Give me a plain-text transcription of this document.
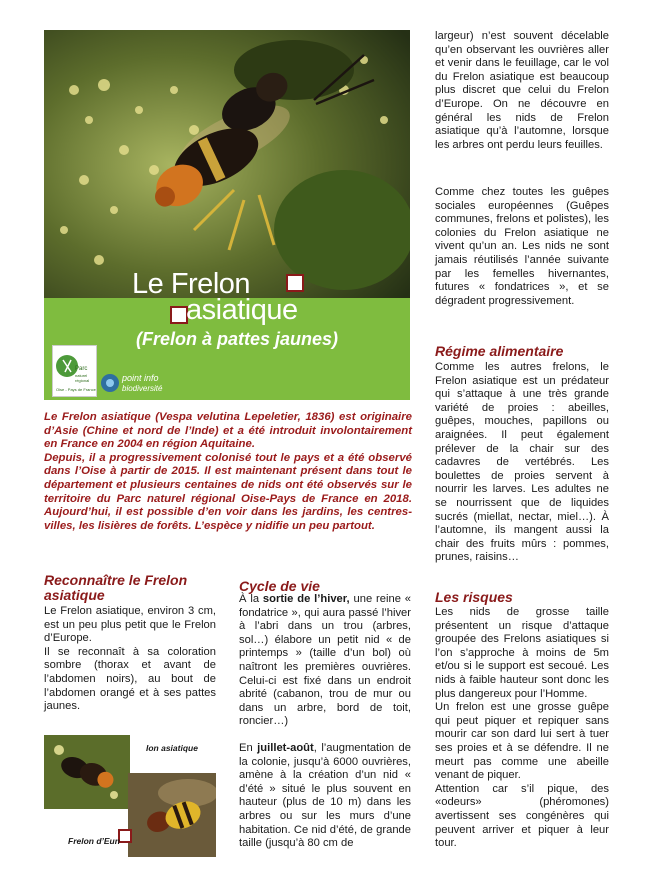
Le Frelon
asiatique
(Frelon à pattes jaunes)
Parc
naturel
régional
Oise - Pays de France
point info
biodiversité
largeur) n’est souvent décelable qu’en observant les ouvrières aller et venir dans le feuillage, car le vol du Frelon asiatique est beaucoup plus discret que celui du Frelon d’Europe. On ne découvre en général les nids de Frelon asiatique qu’à l’automne, lorsque les arbres ont perdu leurs feuilles.
Comme chez toutes les guêpes sociales européennes (Guêpes communes, frelons et polistes), les colonies du Frelon asiatique ne vivent qu’un an. Les nids ne sont jamais réutilisés l’année suivante par les femelles hivernantes, futures « fondatrices », et se dégradent progressivement.
Régime alimentaire
Comme les autres frelons, le Frelon asiatique est un prédateur qui s’attaque à une très grande variété de proies : abeilles, guêpes, mouches, papillons ou araignées. Il peut également prélever de la chair sur des cadavres de vertébrés. Les boulettes de proies servent à nourrir les larves. Les adultes ne se nourrissent que de liquides sucrés (miellat, nectar, miel…). À l’automne, ils mangent aussi la chair des fruits mûrs : pommes, prunes, raisins…

Le Frelon asiatique (Vespa velutina Lepeletier, 1836) est originaire d’Asie (Chine et nord de l’Inde) et a été introduit involontairement en France en 2004 en région Aquitaine.

Depuis, il a progressivement colonisé tout le pays et a été observé dans l’Oise à partir de 2015. Il est maintenant présent dans tout le département et plusieurs centaines de nids ont été observés sur le territoire du Parc naturel régional Oise-Pays de France en 2018. Aujourd’hui, il est possible d’en voir dans les jardins, les centres-villes, les lisières de forêts. L’espèce y nidifie un peu partout.

Reconnaître le Frelon asiatique

Le Frelon asiatique, environ 3 cm, est un peu plus petit que le Frelon d’Europe.

Il se reconnaît à sa coloration sombre (thorax et avant de l’abdomen noirs), au bout de l’abdomen orangé et à ses pattes jaunes.

Ion asiatique
Frelon d’Eun
Cycle de vie

À la sortie de l’hiver, une reine « fondatrice », qui aura passé l’hiver à l’abri dans un trou (arbres, sol…) élabore un petit nid « de printemps » (taille d’un bol) où naîtront les premières ouvrières. Celui-ci est fixé dans un endroit abrité (cabanon, trou de mur ou dans un arbre, bord de toit, roncier…)

En juillet-août, l’augmentation de la colonie, jusqu’à 6000 ouvrières, amène à la création d’un nid « d’été » situé le plus souvent en hauteur (plus de 10 m) dans les arbres ou sur les murs d’une habitation. Ce nid d’été, de grande taille (jusqu’à 80 cm de

Les risques

Les nids de grosse taille présentent un risque d’attaque groupée des Frelons asiatiques si l’on s’approche à moins de 5m et/ou si le support est secoué. Les nids à faible hauteur sont donc les plus dangereux pour l’Homme.

Un frelon est une grosse guêpe qui peut piquer et repiquer sans mourir car son dard lui sert à tuer ses proies et à se défendre. Il ne meurt pas comme une abeille venant de piquer.

Attention car s’il pique, des «odeurs» (phéromones) avertissent ses congénères qui peuvent arriver et piquer à leur tour.
